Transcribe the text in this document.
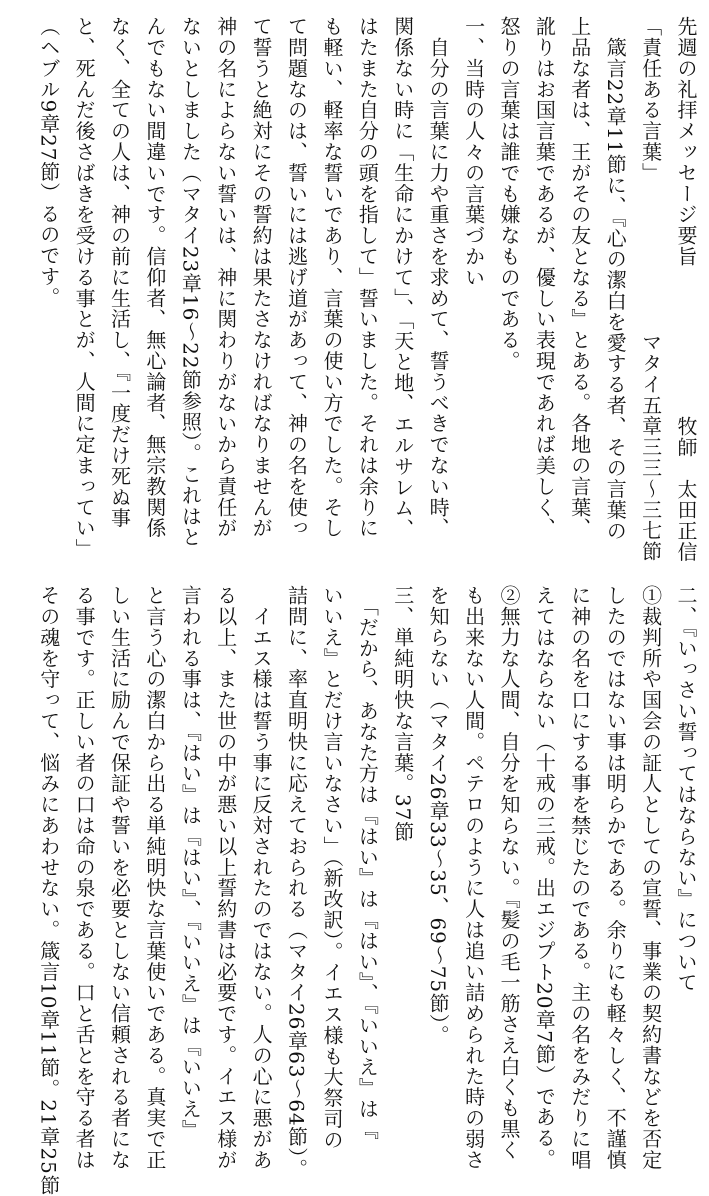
先週の礼拝メッセージ要旨
牧師　太田正信
「責任ある言葉」
マタイ五章三三〜三七節
　箴言22章11節に、『心の潔白を愛する者、その言葉の
上品な者は、王がその友となる』とある。各地の言葉、
訛りはお国言葉であるが、優しい表現であれば美しく、
怒りの言葉は誰でも嫌なものである。
一、当時の人々の言葉づかい
　自分の言葉に力や重さを求めて、誓うべきでない時、
関係ない時に「生命にかけて」、「天と地、エルサレム、
はたまた自分の頭を指して」誓いました。それは余りに
も軽い、軽率な誓いであり、言葉の使い方でした。そし
て問題なのは、誓いには逃げ道があって、神の名を使っ
て誓うと絶対にその誓約は果たさなければなりませんが
神の名によらない誓いは、神に関わりがないから責任が
ないとしました（マタイ23章16〜22節参照）。これはと
んでもない間違いです。信仰者、無心論者、無宗教関係
なく、全ての人は、神の前に生活し、『一度だけ死ぬ事
と、死んだ後さばきを受ける事とが、人間に定まってい」
（ヘブル9章27節）るのです。
二、『いっさい誓ってはならない』について
①裁判所や国会の証人としての宣誓、事業の契約書などを否定
したのではない事は明らかである。余りにも軽々しく、不謹慎
に神の名を口にする事を禁じたのである。主の名をみだりに唱
えてはならない（十戒の三戒。出エジプト20章7節）である。
②無力な人間、自分を知らない。『髪の毛一筋さえ白くも黒く
も出来ない人間。ペテロのように人は追い詰められた時の弱さ
を知らない（マタイ26章33〜35、69〜75節）。
三、単純明快な言葉。37節
　「だから、あなた方は『はい』は『はい』、『いいえ』は『
いいえ』とだけ言いなさい」（新改訳）。イエス様も大祭司の
詰問に、率直明快に応えておられる（マタイ26章63〜64節）。
　イエス様は誓う事に反対されたのではない。人の心に悪があ
る以上、また世の中が悪い以上誓約書は必要です。イエス様が
言われる事は、『はい』は『はい』、『いいえ』は『いいえ』
と言う心の潔白から出る単純明快な言葉使いである。真実で正
しい生活に励んで保証や誓いを必要としない信頼される者にな
る事です。正しい者の口は命の泉である。口と舌とを守る者は
その魂を守って、悩みにあわせない。箴言10章11節。21章25節
